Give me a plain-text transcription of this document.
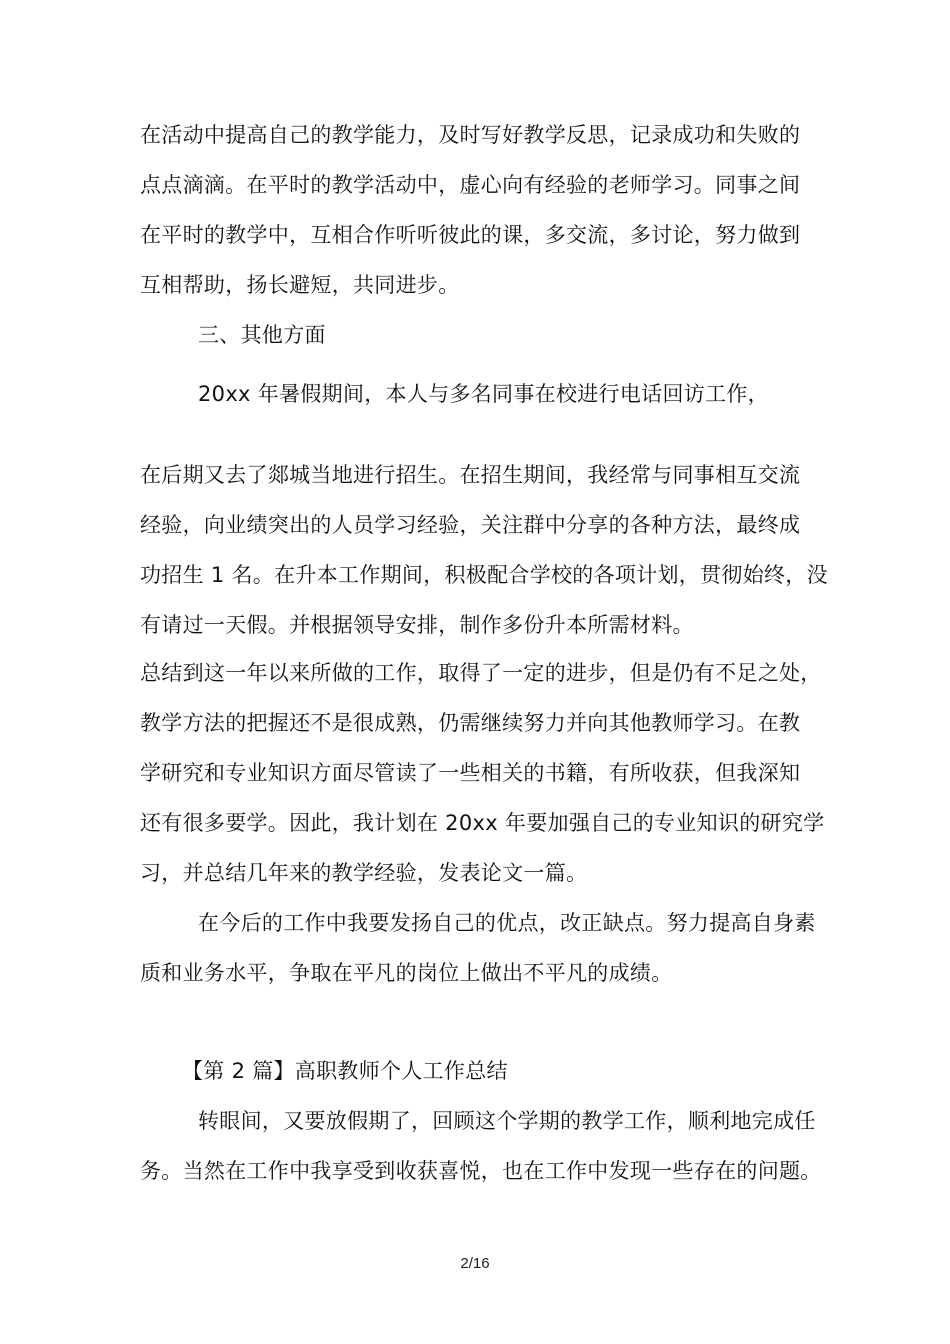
在活动中提高自己的教学能力，及时写好教学反思，记录成功和失败的
点点滴滴。在平时的教学活动中，虚心向有经验的老师学习。同事之间
在平时的教学中，互相合作听听彼此的课，多交流，多讨论，努力做到
互相帮助，扬长避短，共同进步。
三、其他方面
20xx 年暑假期间，本人与多名同事在校进行电话回访工作，
在后期又去了郯城当地进行招生。在招生期间，我经常与同事相互交流
经验，向业绩突出的人员学习经验，关注群中分享的各种方法，最终成
功招生 1 名。在升本工作期间，积极配合学校的各项计划，贯彻始终，没
有请过一天假。并根据领导安排，制作多份升本所需材料。
总结到这一年以来所做的工作，取得了一定的进步，但是仍有不足之处，
教学方法的把握还不是很成熟，仍需继续努力并向其他教师学习。在教
学研究和专业知识方面尽管读了一些相关的书籍，有所收获，但我深知
还有很多要学。因此，我计划在 20xx 年要加强自己的专业知识的研究学
习，并总结几年来的教学经验，发表论文一篇。
在今后的工作中我要发扬自己的优点，改正缺点。努力提高自身素
质和业务水平，争取在平凡的岗位上做出不平凡的成绩。
【第 2 篇】高职教师个人工作总结
转眼间，又要放假期了，回顾这个学期的教学工作，顺利地完成任
务。当然在工作中我享受到收获喜悦，也在工作中发现一些存在的问题。
2/16
